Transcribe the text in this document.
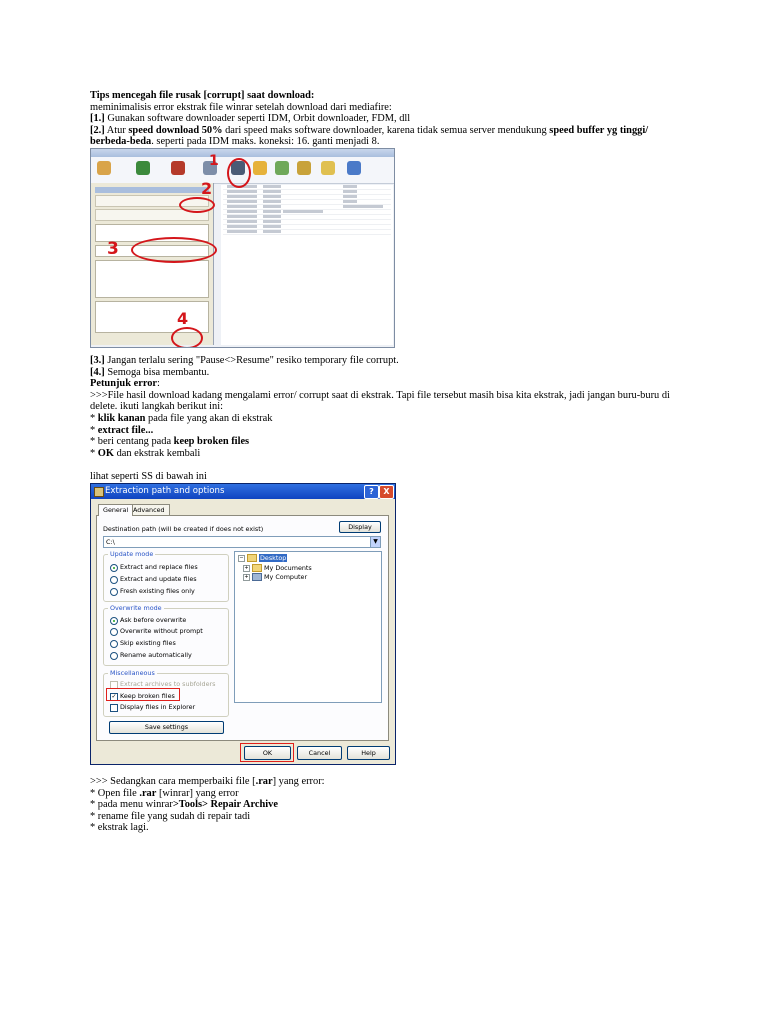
Tips mencegah file rusak [corrupt] saat download:

meminimalisis error ekstrak file winrar setelah download dari mediafire:

[1.] Gunakan software downloader seperti IDM, Orbit downloader, FDM, dll

[2.] Atur speed download 50% dari speed maks software downloader, karena tidak semua server mendukung speed buffer yg tinggi/ berbeda-beda. seperti pada IDM maks. koneksi: 16. ganti menjadi 8.

1
2
3
4

[3.] Jangan terlalu sering "Pause<>Resume" resiko temporary file corrupt.

[4.] Semoga bisa membantu.

Petunjuk error:

>>>File hasil download kadang mengalami error/ corrupt saat di ekstrak. Tapi file tersebut masih bisa kita ekstrak, jadi jangan buru-buru di delete. ikuti langkah berikut ini:

* klik kanan pada file yang akan di ekstrak

* extract file...

* beri centang pada keep broken files

* OK dan ekstrak kembali

lihat seperti SS di bawah ini

Extraction path and options	?	X
General Advanced
Destination path (will be created if does not exist)	Display
C:\	▼
Update mode
Extract and replace files
Extract and update files
Fresh existing files only
Overwrite mode
Ask before overwrite
Overwrite without prompt
Skip existing files
Rename automatically
Miscellaneous
Extract archives to subfolders
✓ Keep broken files
Display files in Explorer
Save settings
−	Desktop
+ My Documents
+ My Computer
OK	Cancel	Help

>>> Sedangkan cara memperbaiki file [.rar] yang error:

* Open file .rar [winrar] yang error

* pada menu winrar>Tools> Repair Archive

* rename file yang sudah di repair tadi

* ekstrak lagi.
